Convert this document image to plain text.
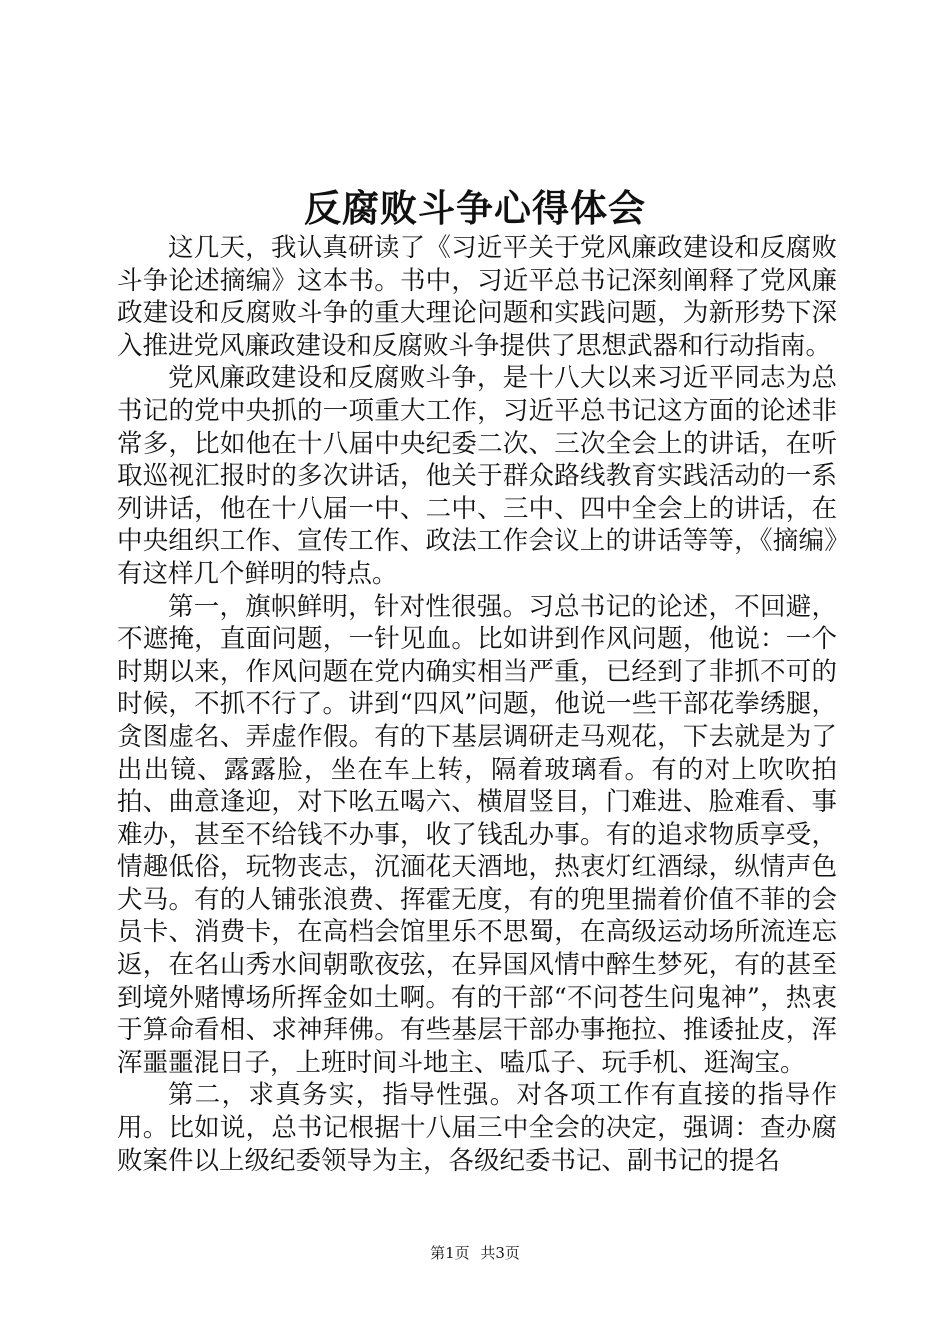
反腐败斗争心得体会

这几天，我认真研读了《习近平关于党风廉政建设和反腐败斗争论述摘编》这本书。书中，习近平总书记深刻阐释了党风廉政建设和反腐败斗争的重大理论问题和实践问题，为新形势下深入推进党风廉政建设和反腐败斗争提供了思想武器和行动指南。

党风廉政建设和反腐败斗争，是十八大以来习近平同志为总书记的党中央抓的一项重大工作，习近平总书记这方面的论述非常多，比如他在十八届中央纪委二次、三次全会上的讲话，在听取巡视汇报时的多次讲话，他关于群众路线教育实践活动的一系列讲话，他在十八届一中、二中、三中、四中全会上的讲话，在中央组织工作、宣传工作、政法工作会议上的讲话等等，《摘编》有这样几个鲜明的特点。

第一，旗帜鲜明，针对性很强。习总书记的论述，不回避，不遮掩，直面问题，一针见血。比如讲到作风问题，他说：一个时期以来，作风问题在党内确实相当严重，已经到了非抓不可的时候，不抓不行了。讲到“四风”问题，他说一些干部花拳绣腿，贪图虚名、弄虚作假。有的下基层调研走马观花，下去就是为了出出镜、露露脸，坐在车上转，隔着玻璃看。有的对上吹吹拍拍、曲意逢迎，对下吆五喝六、横眉竖目，门难进、脸难看、事难办，甚至不给钱不办事，收了钱乱办事。有的追求物质享受，情趣低俗，玩物丧志，沉湎花天酒地，热衷灯红酒绿，纵情声色犬马。有的人铺张浪费、挥霍无度，有的兜里揣着价值不菲的会员卡、消费卡，在高档会馆里乐不思蜀，在高级运动场所流连忘返，在名山秀水间朝歌夜弦，在异国风情中醉生梦死，有的甚至到境外赌博场所挥金如土啊。有的干部“不问苍生问鬼神”，热衷于算命看相、求神拜佛。有些基层干部办事拖拉、推诿扯皮，浑浑噩噩混日子，上班时间斗地主、嗑瓜子、玩手机、逛淘宝。

第二，求真务实，指导性强。对各项工作有直接的指导作用。比如说，总书记根据十八届三中全会的决定，强调：查办腐败案件以上级纪委领导为主，各级纪委书记、副书记的提名

第1页 共3页
